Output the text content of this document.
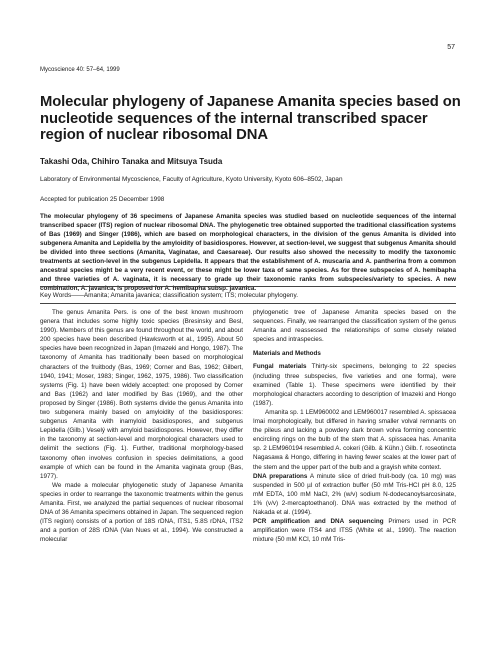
57
Mycoscience 40: 57–64, 1999
Molecular phylogeny of Japanese Amanita species based on nucleotide sequences of the internal transcribed spacer region of nuclear ribosomal DNA
Takashi Oda, Chihiro Tanaka and Mitsuya Tsuda
Laboratory of Environmental Mycoscience, Faculty of Agriculture, Kyoto University, Kyoto 606–8502, Japan
Accepted for publication 25 December 1998

The molecular phylogeny of 36 specimens of Japanese Amanita species was studied based on nucleotide sequences of the internal transcribed spacer (ITS) region of nuclear ribosomal DNA. The phylogenetic tree obtained supported the traditional classification systems of Bas (1969) and Singer (1986), which are based on morphological characters, in the division of the genus Amanita is divided into subgenera Amanita and Lepidella by the amyloidity of basidiospores. However, at section-level, we suggest that subgenus Amanita should be divided into three sections (Amanita, Vaginatae, and Caesareae). Our results also showed the necessity to modify the taxonomic treatments at section-level in the subgenus Lepidella. It appears that the establishment of A. muscaria and A. pantherina from a common ancestral species might be a very recent event, or these might be lower taxa of same species. As for three subspecies of A. hemibapha and three varieties of A. vaginata, it is necessary to grade up their taxonomic ranks from subspecies/variety to species. A new combination, A. javanica, is proposed for A. hemibapha subsp. javanica.

Key Words——Amanita; Amanita javanica; classification system; ITS; molecular phylogeny.

The genus Amanita Pers. is one of the best known mushroom genera that includes some highly toxic species (Bresinsky and Besl, 1990). Members of this genus are found throughout the world, and about 200 species have been described (Hawksworth et al., 1995). About 50 species have been recognized in Japan (Imazeki and Hongo, 1987). The taxonomy of Amanita has traditionally been based on morphological characters of the fruitbody (Bas, 1969; Corner and Bas, 1962; Gilbert, 1940, 1941; Moser, 1983; Singer, 1962, 1975, 1986). Two classification systems (Fig. 1) have been widely accepted: one proposed by Corner and Bas (1962) and later modified by Bas (1969), and the other proposed by Singer (1986). Both systems divide the genus Amanita into two subgenera mainly based on amyloidity of the basidiospores: subgenus Amanita with inamyloid basidiospores, and subgenus Lepidella (Gilb.) Veselý with amyloid basidiospores. However, they differ in the taxonomy at section-level and morphological characters used to delimit the sections (Fig. 1). Further, traditional morphology-based taxonomy often involves confusion in species delimitations, a good example of which can be found in the Amanita vaginata group (Bas, 1977).

We made a molecular phylogenetic study of Japanese Amanita species in order to rearrange the taxonomic treatments within the genus Amanita. First, we analyzed the partial sequences of nuclear ribosomal DNA of 36 Amanita specimens obtained in Japan. The sequenced region (ITS region) consists of a portion of 18S rDNA, ITS1, 5.8S rDNA, ITS2 and a portion of 28S rDNA (Van Nues et al., 1994). We constructed a molecular

phylogenetic tree of Japanese Amanita species based on the sequences. Finally, we rearranged the classification system of the genus Amanita and reassessed the relationships of some closely related species and intraspecies.

Materials and Methods

Fungal materials Thirty-six specimens, belonging to 22 species (including three subspecies, five varieties and one forma), were examined (Table 1). These specimens were identified by their morphological characters according to description of Imazeki and Hongo (1987).

Amanita sp. 1 LEM960002 and LEM960017 resembled A. spissacea Imai morphologically, but differed in having smaller volval remnants on the pileus and lacking a powdery dark brown volva forming concentric encircling rings on the bulb of the stem that A. spissacea has. Amanita sp. 2 LEM960194 resembled A. cokeri (Gilb. & Kühn.) Gilb. f. roseotincta Nagasawa & Hongo, differing in having fewer scales at the lower part of the stem and the upper part of the bulb and a grayish white context.

DNA preparations A minute slice of dried fruit-body (ca. 10 mg) was suspended in 500 µl of extraction buffer (50 mM Tris-HCl pH 8.0, 125 mM EDTA, 100 mM NaCl, 2% (w/v) sodium N-dodecanoylsarcosinate, 1% (v/v) 2-mercaptoethanol). DNA was extracted by the method of Nakada et al. (1994).

PCR amplification and DNA sequencing Primers used in PCR amplification were ITS4 and ITS5 (White et al., 1990). The reaction mixture (50 mM KCl, 10 mM Tris-
